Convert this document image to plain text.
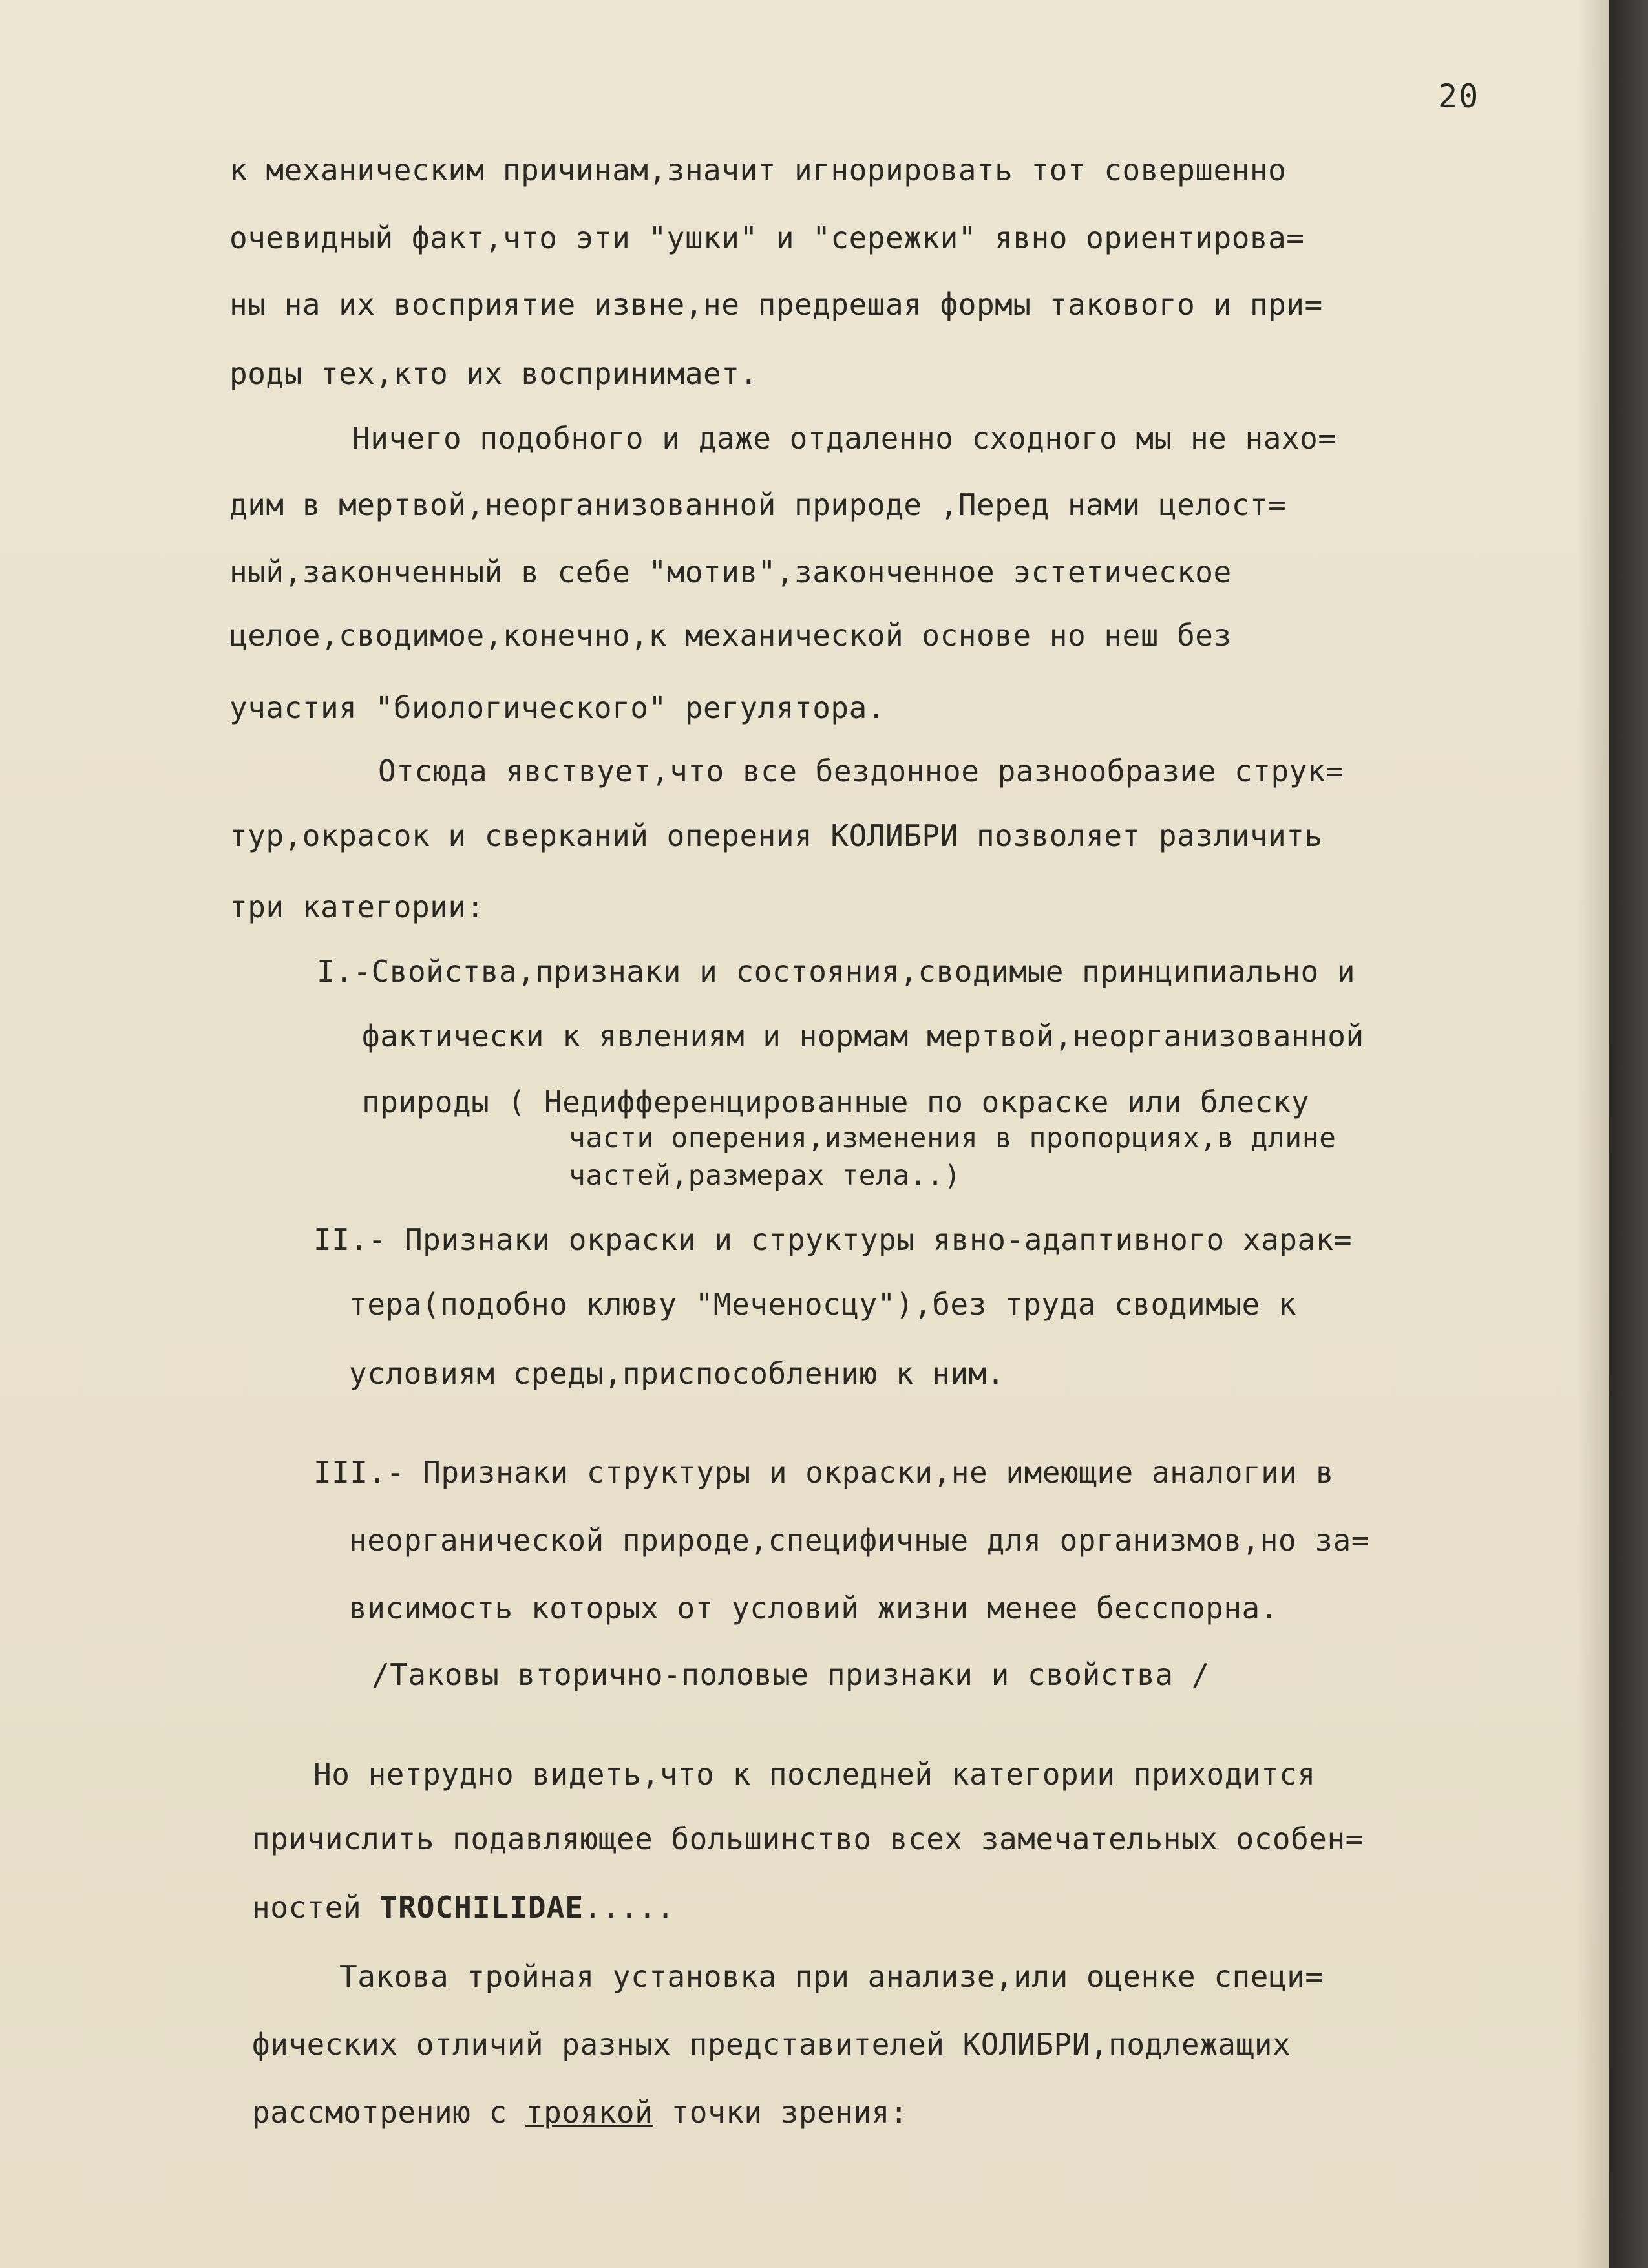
20
к механическим причинам,значит игнорировать тот совершенно
очевидный факт,что эти "ушки" и "сережки" явно ориентирова=
ны на их восприятие извне,не предрешая формы такового и при=
роды тех,кто их воспринимает.
Ничего подобного и даже отдаленно сходного мы не нахо=
дим в мертвой,неорганизованной природе ,Перед нами целост=
ный,законченный в себе "мотив",законченное эстетическое
целое,сводимое,конечно,к механической основе но неш без
участия "биологического" регулятора.
Отсюда явствует,что все бездонное разнообразие струк=
тур,окрасок и сверканий оперения КОЛИБРИ позволяет различить
три категории:
I.-Свойства,признаки и состояния,сводимые принципиально и
фактически к явлениям и нормам мертвой,неорганизованной
природы ( Недифференцированные по окраске или блеску
части оперения,изменения в пропорциях,в длине
частей,размерах тела..)
II.- Признаки окраски и структуры явно-адаптивного харак=
тера(подобно клюву "Меченосцу"),без труда сводимые к
условиям среды,приспособлению к ним.
III.- Признаки структуры и окраски,не имеющие аналогии в
неорганической природе,специфичные для организмов,но за=
висимость которых от условий жизни менее бесспорна.
/Таковы вторично-половые признаки и свойства /
Но нетрудно видеть,что к последней категории приходится
причислить подавляющее большинство всех замечательных особен=
ностей TROCHILIDAE.....
Такова тройная установка при анализе,или оценке специ=
фических отличий разных представителей КОЛИБРИ,подлежащих
рассмотрению с троякой точки зрения:
